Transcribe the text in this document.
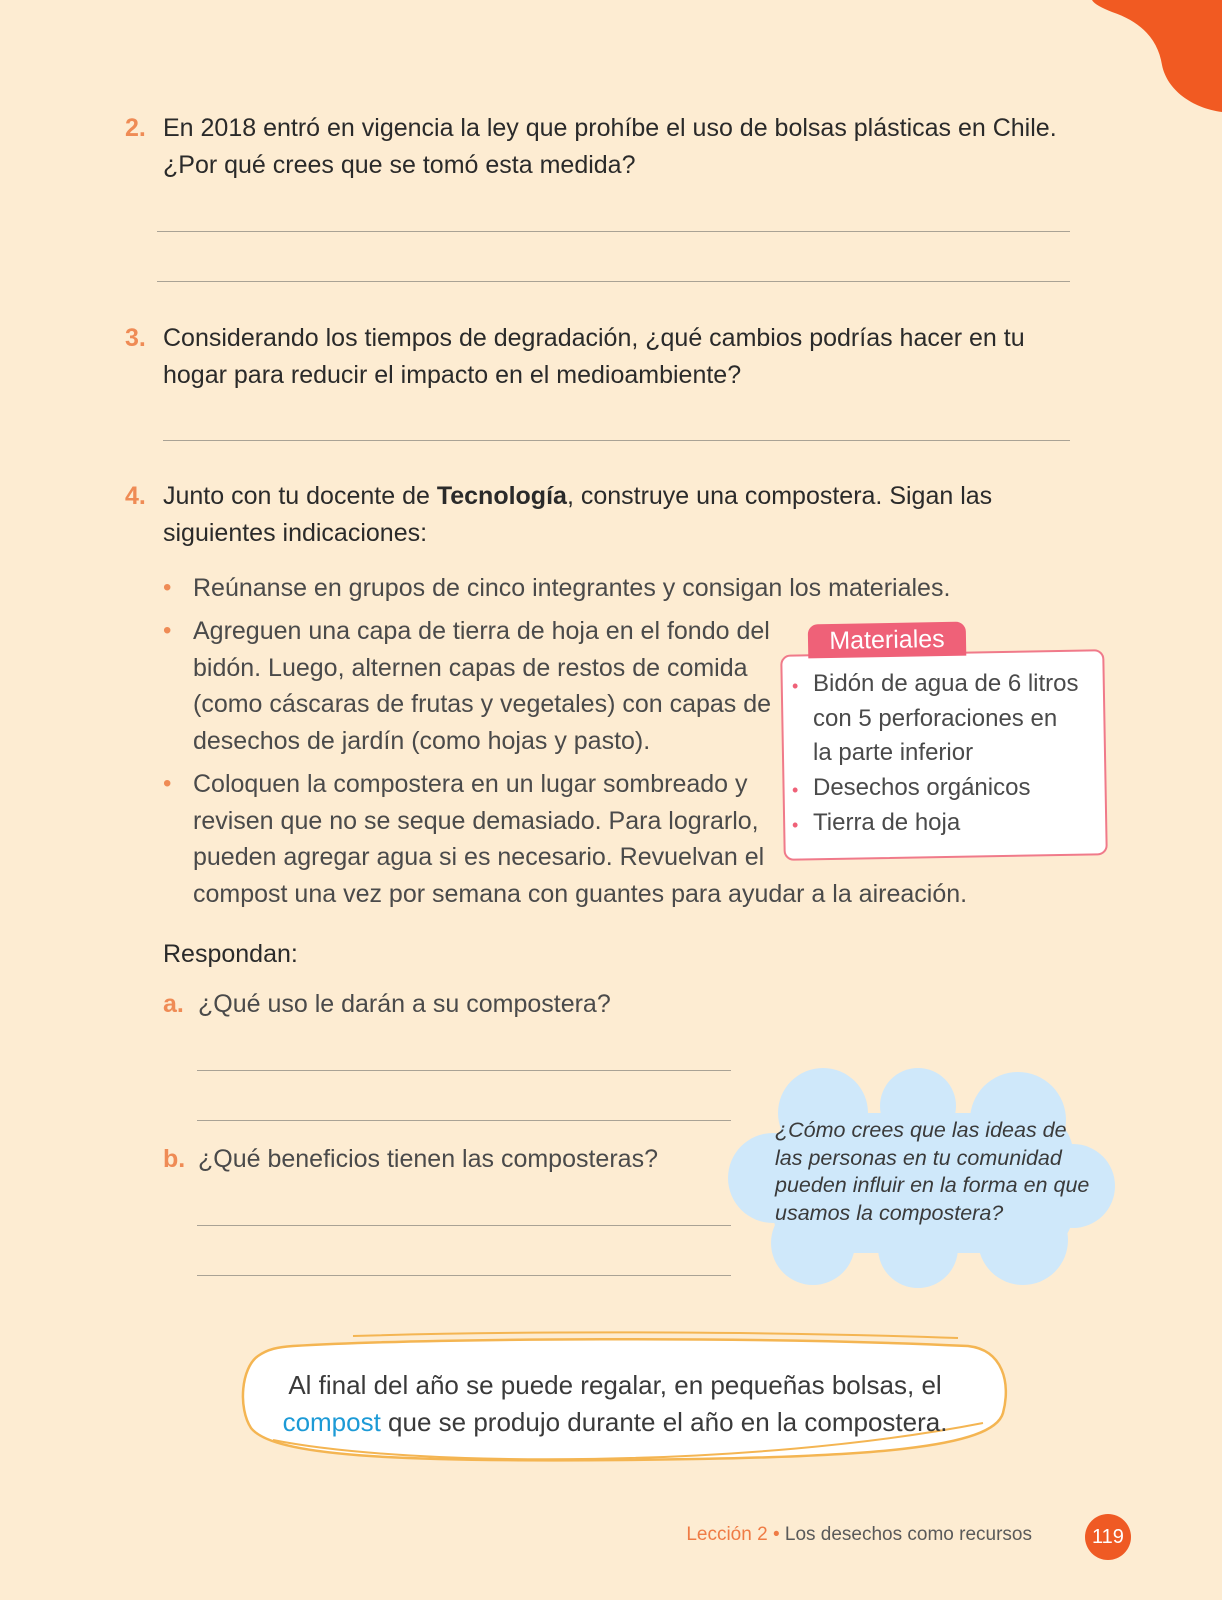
2. En 2018 entró en vigencia la ley que prohíbe el uso de bolsas plásticas en Chile. ¿Por qué crees que se tomó esta medida?
3. Considerando los tiempos de degradación, ¿qué cambios podrías hacer en tu hogar para reducir el impacto en el medioambiente?
4. Junto con tu docente de Tecnología, construye una compostera. Sigan las siguientes indicaciones:
• Reúnanse en grupos de cinco integrantes y consigan los materiales.
• Agreguen una capa de tierra de hoja en el fondo del
bidón. Luego, alternen capas de restos de comida
(como cáscaras de frutas y vegetales) con capas de
desechos de jardín (como hojas y pasto).
• Coloquen la compostera en un lugar sombreado y
revisen que no se seque demasiado. Para lograrlo,
pueden agregar agua si es necesario. Revuelvan el
compost una vez por semana con guantes para ayudar a la aireación.
Materiales
• Bidón de agua de 6 litros
con 5 perforaciones en
la parte inferior
• Desechos orgánicos
• Tierra de hoja
Respondan:
a. ¿Qué uso le darán a su compostera?
b. ¿Qué beneficios tienen las composteras?
¿Cómo crees que las ideas de las personas en tu comunidad pueden influir en la forma en que usamos la compostera?
Al final del año se puede regalar, en pequeñas bolsas, el
compost que se produjo durante el año en la compostera.
Lección 2 • Los desechos como recursos	119
